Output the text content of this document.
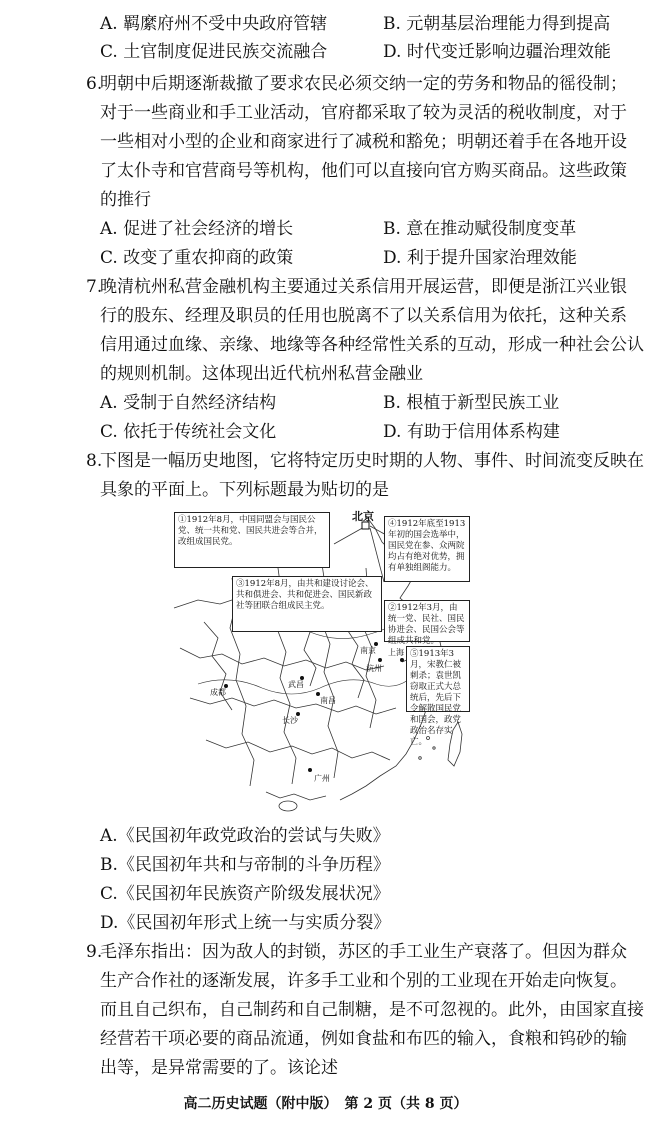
A. 羁縻府州不受中央政府管辖	B. 元朝基层治理能力得到提高
C. 土官制度促进民族交流融合	D. 时代变迁影响边疆治理效能
6.
明朝中后期逐渐裁撤了要求农民必须交纳一定的劳务和物品的徭役制；
对于一些商业和手工业活动，官府都采取了较为灵活的税收制度，对于
一些相对小型的企业和商家进行了减税和豁免；明朝还着手在各地开设
了太仆寺和官营商号等机构，他们可以直接向官方购买商品。这些政策
的推行
A. 促进了社会经济的增长	B. 意在推动赋役制度变革
C. 改变了重农抑商的政策	D. 利于提升国家治理效能
7.
晚清杭州私营金融机构主要通过关系信用开展运营，即便是浙江兴业银
行的股东、经理及职员的任用也脱离不了以关系信用为依托，这种关系
信用通过血缘、亲缘、地缘等各种经常性关系的互动，形成一种社会公认
的规则机制。这体现出近代杭州私营金融业
A. 受制于自然经济结构	B. 根植于新型民族工业
C. 依托于传统社会文化	D. 有助于信用体系构建
8.
下图是一幅历史地图，它将特定历史时期的人物、事件、时间流变反映在
具象的平面上。下列标题最为贴切的是
北京
①1912年8月，中国同盟会与国民公党、统一共和党、国民共进会等合并，改组成国民党。
④1912年底至1913年初的国会选举中，国民党在参、众两院均占有绝对优势，拥有单独组阁能力。
③1912年8月，由共和建设讨论会、共和俱进会、共和促进会、国民新政社等团联合组成民主党。	②1912年3月，由统一党、民社、国民协进会、民国公会等组成共和党。
⑤1913年3月，宋教仁被刺杀；袁世凯窃取正式大总统后，先后下令解散国民党和国会，政党政治名存实亡。
成都
南昌
杭州
上海
南京
广州
武昌
长沙
A.《民国初年政党政治的尝试与失败》
B.《民国初年共和与帝制的斗争历程》
C.《民国初年民族资产阶级发展状况》
D.《民国初年形式上统一与实质分裂》
9.
毛泽东指出：因为敌人的封锁，苏区的手工业生产衰落了。但因为群众
生产合作社的逐渐发展，许多手工业和个别的工业现在开始走向恢复。
而且自己织布，自己制药和自己制糖，是不可忽视的。此外，由国家直接
经营若干项必要的商品流通，例如食盐和布匹的输入，食粮和钨砂的输
出等，是异常需要的了。该论述
高二历史试题（附中版）　第 2 页（共 8 页）
